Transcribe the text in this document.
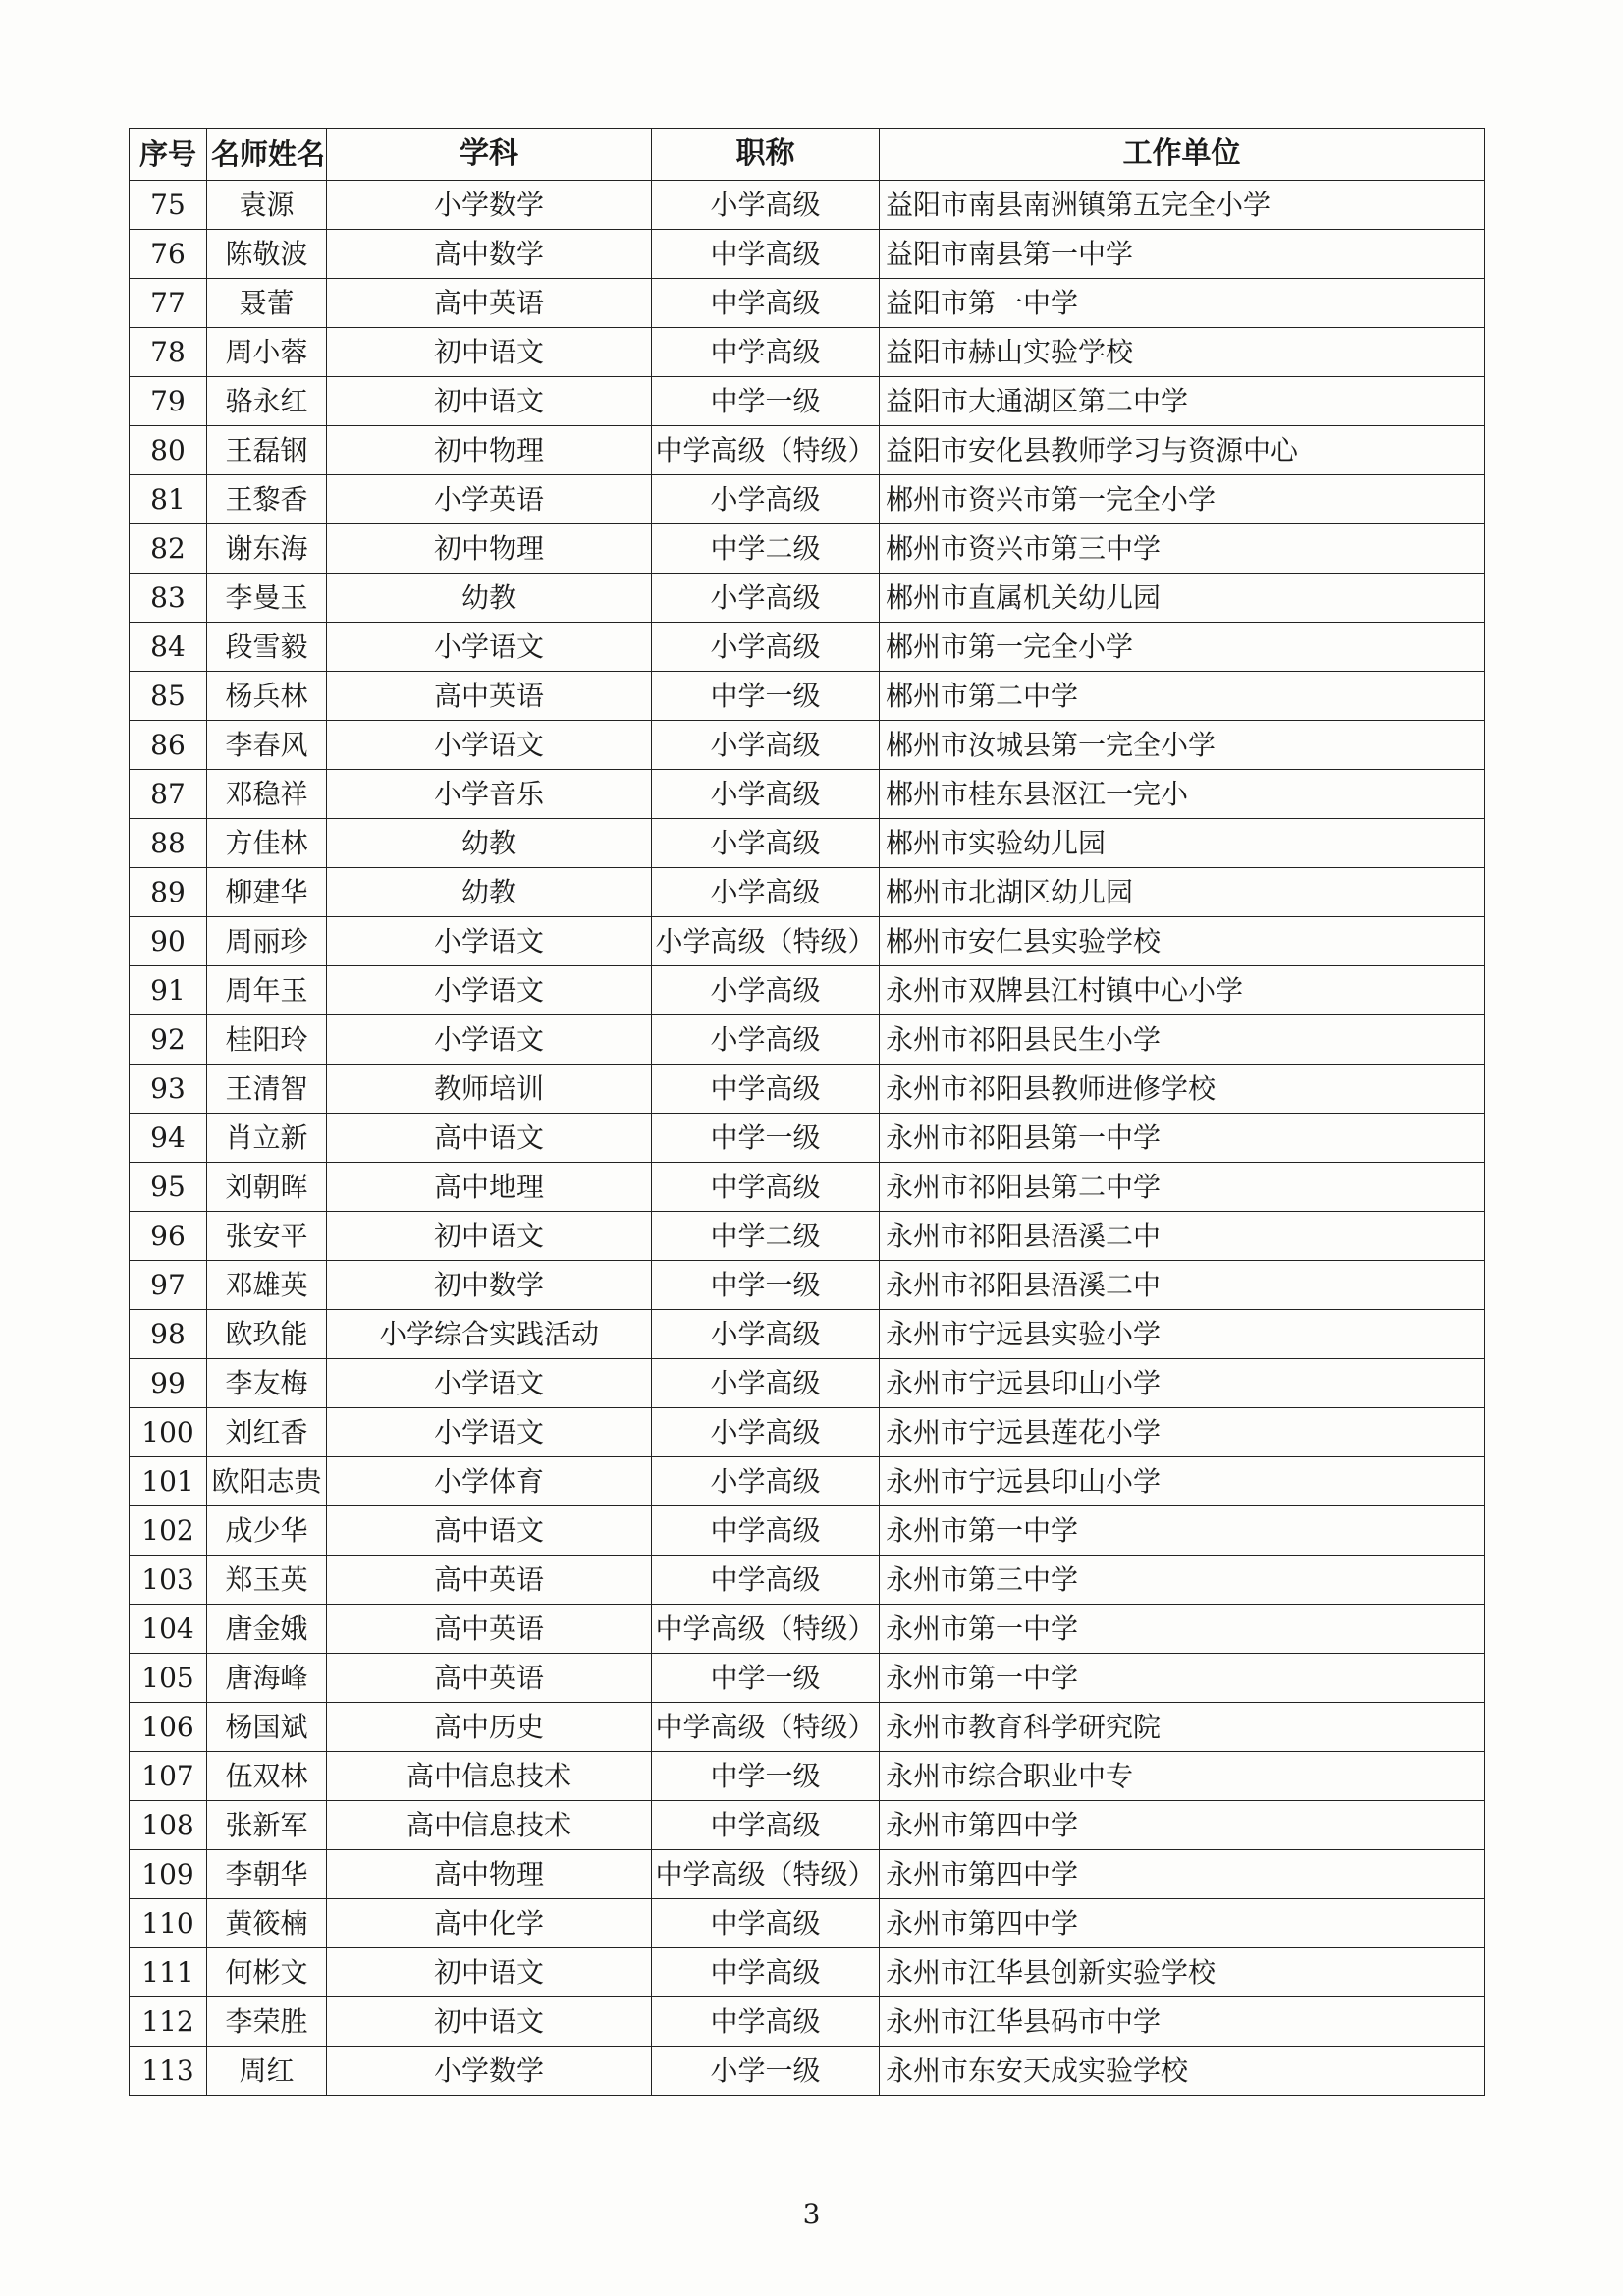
序号	名师姓名	学科	职称	工作单位
75	袁源	小学数学	小学高级	益阳市南县南洲镇第五完全小学
76	陈敬波	高中数学	中学高级	益阳市南县第一中学
77	聂蕾	高中英语	中学高级	益阳市第一中学
78	周小蓉	初中语文	中学高级	益阳市赫山实验学校
79	骆永红	初中语文	中学一级	益阳市大通湖区第二中学
80	王磊钢	初中物理	中学高级（特级）	益阳市安化县教师学习与资源中心
81	王黎香	小学英语	小学高级	郴州市资兴市第一完全小学
82	谢东海	初中物理	中学二级	郴州市资兴市第三中学
83	李曼玉	幼教	小学高级	郴州市直属机关幼儿园
84	段雪毅	小学语文	小学高级	郴州市第一完全小学
85	杨兵林	高中英语	中学一级	郴州市第二中学
86	李春风	小学语文	小学高级	郴州市汝城县第一完全小学
87	邓稳祥	小学音乐	小学高级	郴州市桂东县沤江一完小
88	方佳林	幼教	小学高级	郴州市实验幼儿园
89	柳建华	幼教	小学高级	郴州市北湖区幼儿园
90	周丽珍	小学语文	小学高级（特级）	郴州市安仁县实验学校
91	周年玉	小学语文	小学高级	永州市双牌县江村镇中心小学
92	桂阳玲	小学语文	小学高级	永州市祁阳县民生小学
93	王清智	教师培训	中学高级	永州市祁阳县教师进修学校
94	肖立新	高中语文	中学一级	永州市祁阳县第一中学
95	刘朝晖	高中地理	中学高级	永州市祁阳县第二中学
96	张安平	初中语文	中学二级	永州市祁阳县浯溪二中
97	邓雄英	初中数学	中学一级	永州市祁阳县浯溪二中
98	欧玖能	小学综合实践活动	小学高级	永州市宁远县实验小学
99	李友梅	小学语文	小学高级	永州市宁远县印山小学
100	刘红香	小学语文	小学高级	永州市宁远县莲花小学
101	欧阳志贵	小学体育	小学高级	永州市宁远县印山小学
102	成少华	高中语文	中学高级	永州市第一中学
103	郑玉英	高中英语	中学高级	永州市第三中学
104	唐金娥	高中英语	中学高级（特级）	永州市第一中学
105	唐海峰	高中英语	中学一级	永州市第一中学
106	杨国斌	高中历史	中学高级（特级）	永州市教育科学研究院
107	伍双林	高中信息技术	中学一级	永州市综合职业中专
108	张新军	高中信息技术	中学高级	永州市第四中学
109	李朝华	高中物理	中学高级（特级）	永州市第四中学
110	黄筱楠	高中化学	中学高级	永州市第四中学
111	何彬文	初中语文	中学高级	永州市江华县创新实验学校
112	李荣胜	初中语文	中学高级	永州市江华县码市中学
113	周红	小学数学	小学一级	永州市东安天成实验学校
3
